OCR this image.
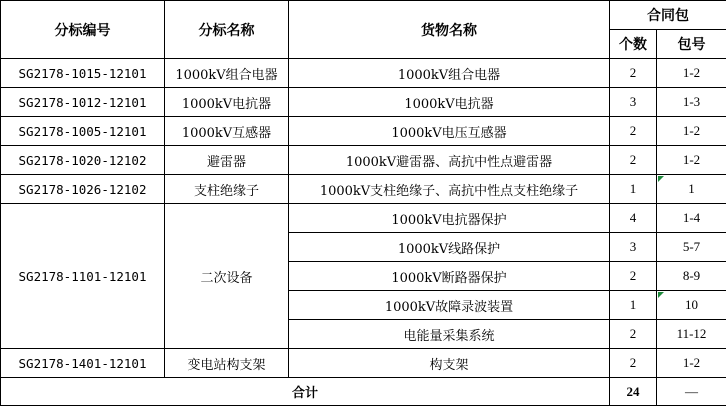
分标编号	分标名称	货物名称	合同包	
			个数	包号
SG2178-1015-12101	1000kV组合电器	1000kV组合电器	2	1-2
SG2178-1012-12101	1000kV电抗器	1000kV电抗器	3	1-3
SG2178-1005-12101	1000kV互感器	1000kV电压互感器	2	1-2
SG2178-1020-12102	避雷器	1000kV避雷器、高抗中性点避雷器	2	1-2
SG2178-1026-12102	支柱绝缘子	1000kV支柱绝缘子、高抗中性点支柱绝缘子	1	1
SG2178-1101-12101	二次设备	1000kV电抗器保护	4	1-4
		1000kV线路保护	3	5-7
		1000kV断路器保护	2	8-9
		1000kV故障录波装置	1	10
		电能量采集系统	2	11-12
SG2178-1401-12101	变电站构支架	构支架	2	1-2
合计			24	—
